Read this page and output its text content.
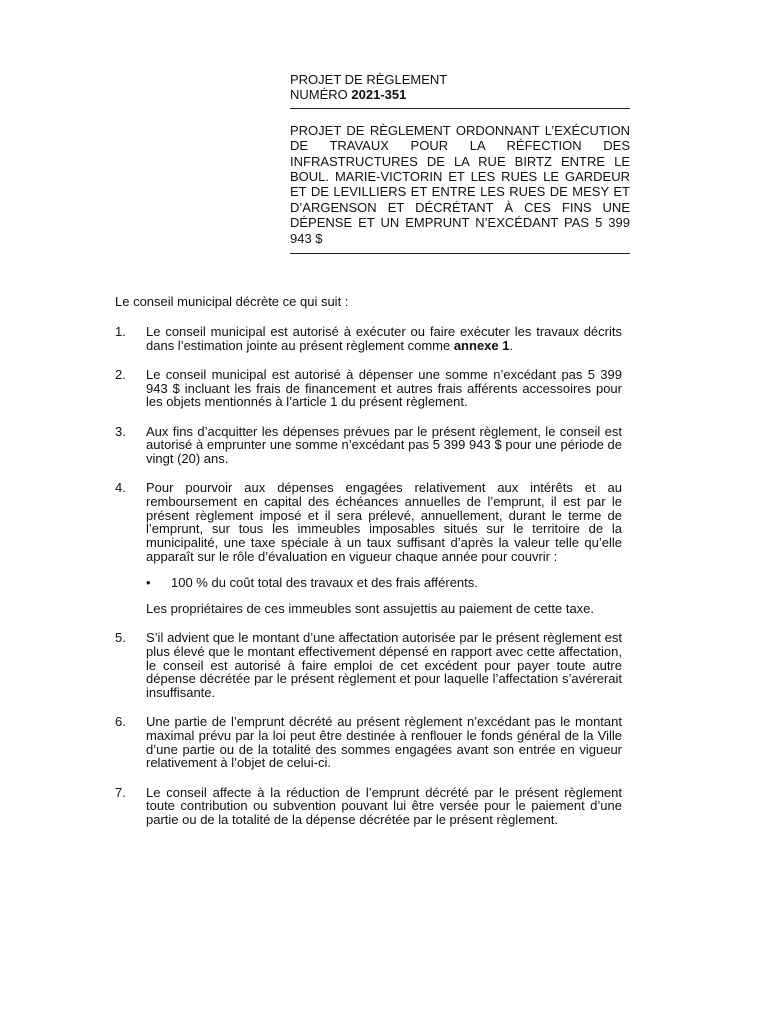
PROJET DE RÈGLEMENT
NUMÉRO 2021-351
PROJET DE RÈGLEMENT ORDONNANT L’EXÉCUTION DE TRAVAUX POUR LA RÉFECTION DES INFRASTRUCTURES DE LA RUE BIRTZ ENTRE LE BOUL. MARIE-VICTORIN ET LES RUES LE GARDEUR ET DE LEVILLIERS ET ENTRE LES RUES DE MESY ET D’ARGENSON ET DÉCRÉTANT À CES FINS UNE DÉPENSE ET UN EMPRUNT N’EXCÉDANT PAS 5 399 943 $
Le conseil municipal décrète ce qui suit :
1.	Le conseil municipal est autorisé à exécuter ou faire exécuter les travaux décrits dans l’estimation jointe au présent règlement comme annexe 1.
2.	Le conseil municipal est autorisé à dépenser une somme n’excédant pas 5 399 943 $ incluant les frais de financement et autres frais afférents accessoires pour les objets mentionnés à l’article 1 du présent règlement.
3.	Aux fins d’acquitter les dépenses prévues par le présent règlement, le conseil est autorisé à emprunter une somme n’excédant pas 5 399 943 $ pour une période de vingt (20) ans.
4.	Pour pourvoir aux dépenses engagées relativement aux intérêts et au remboursement en capital des échéances annuelles de l’emprunt, il est par le présent règlement imposé et il sera prélevé, annuellement, durant le terme de l’emprunt, sur tous les immeubles imposables situés sur le territoire de la municipalité, une taxe spéciale à un taux suffisant d’après la valeur telle qu’elle apparaît sur le rôle d’évaluation en vigueur chaque année pour couvrir :
• 100 % du coût total des travaux et des frais afférents.
Les propriétaires de ces immeubles sont assujettis au paiement de cette taxe.
5.	S’il advient que le montant d’une affectation autorisée par le présent règlement est plus élevé que le montant effectivement dépensé en rapport avec cette affectation, le conseil est autorisé à faire emploi de cet excédent pour payer toute autre dépense décrétée par le présent règlement et pour laquelle l’affectation s’avérerait insuffisante.
6.	Une partie de l’emprunt décrété au présent règlement n’excédant pas le montant maximal prévu par la loi peut être destinée à renflouer le fonds général de la Ville d’une partie ou de la totalité des sommes engagées avant son entrée en vigueur relativement à l’objet de celui-ci.
7.	Le conseil affecte à la réduction de l’emprunt décrété par le présent règlement toute contribution ou subvention pouvant lui être versée pour le paiement d’une partie ou de la totalité de la dépense décrétée par le présent règlement.
